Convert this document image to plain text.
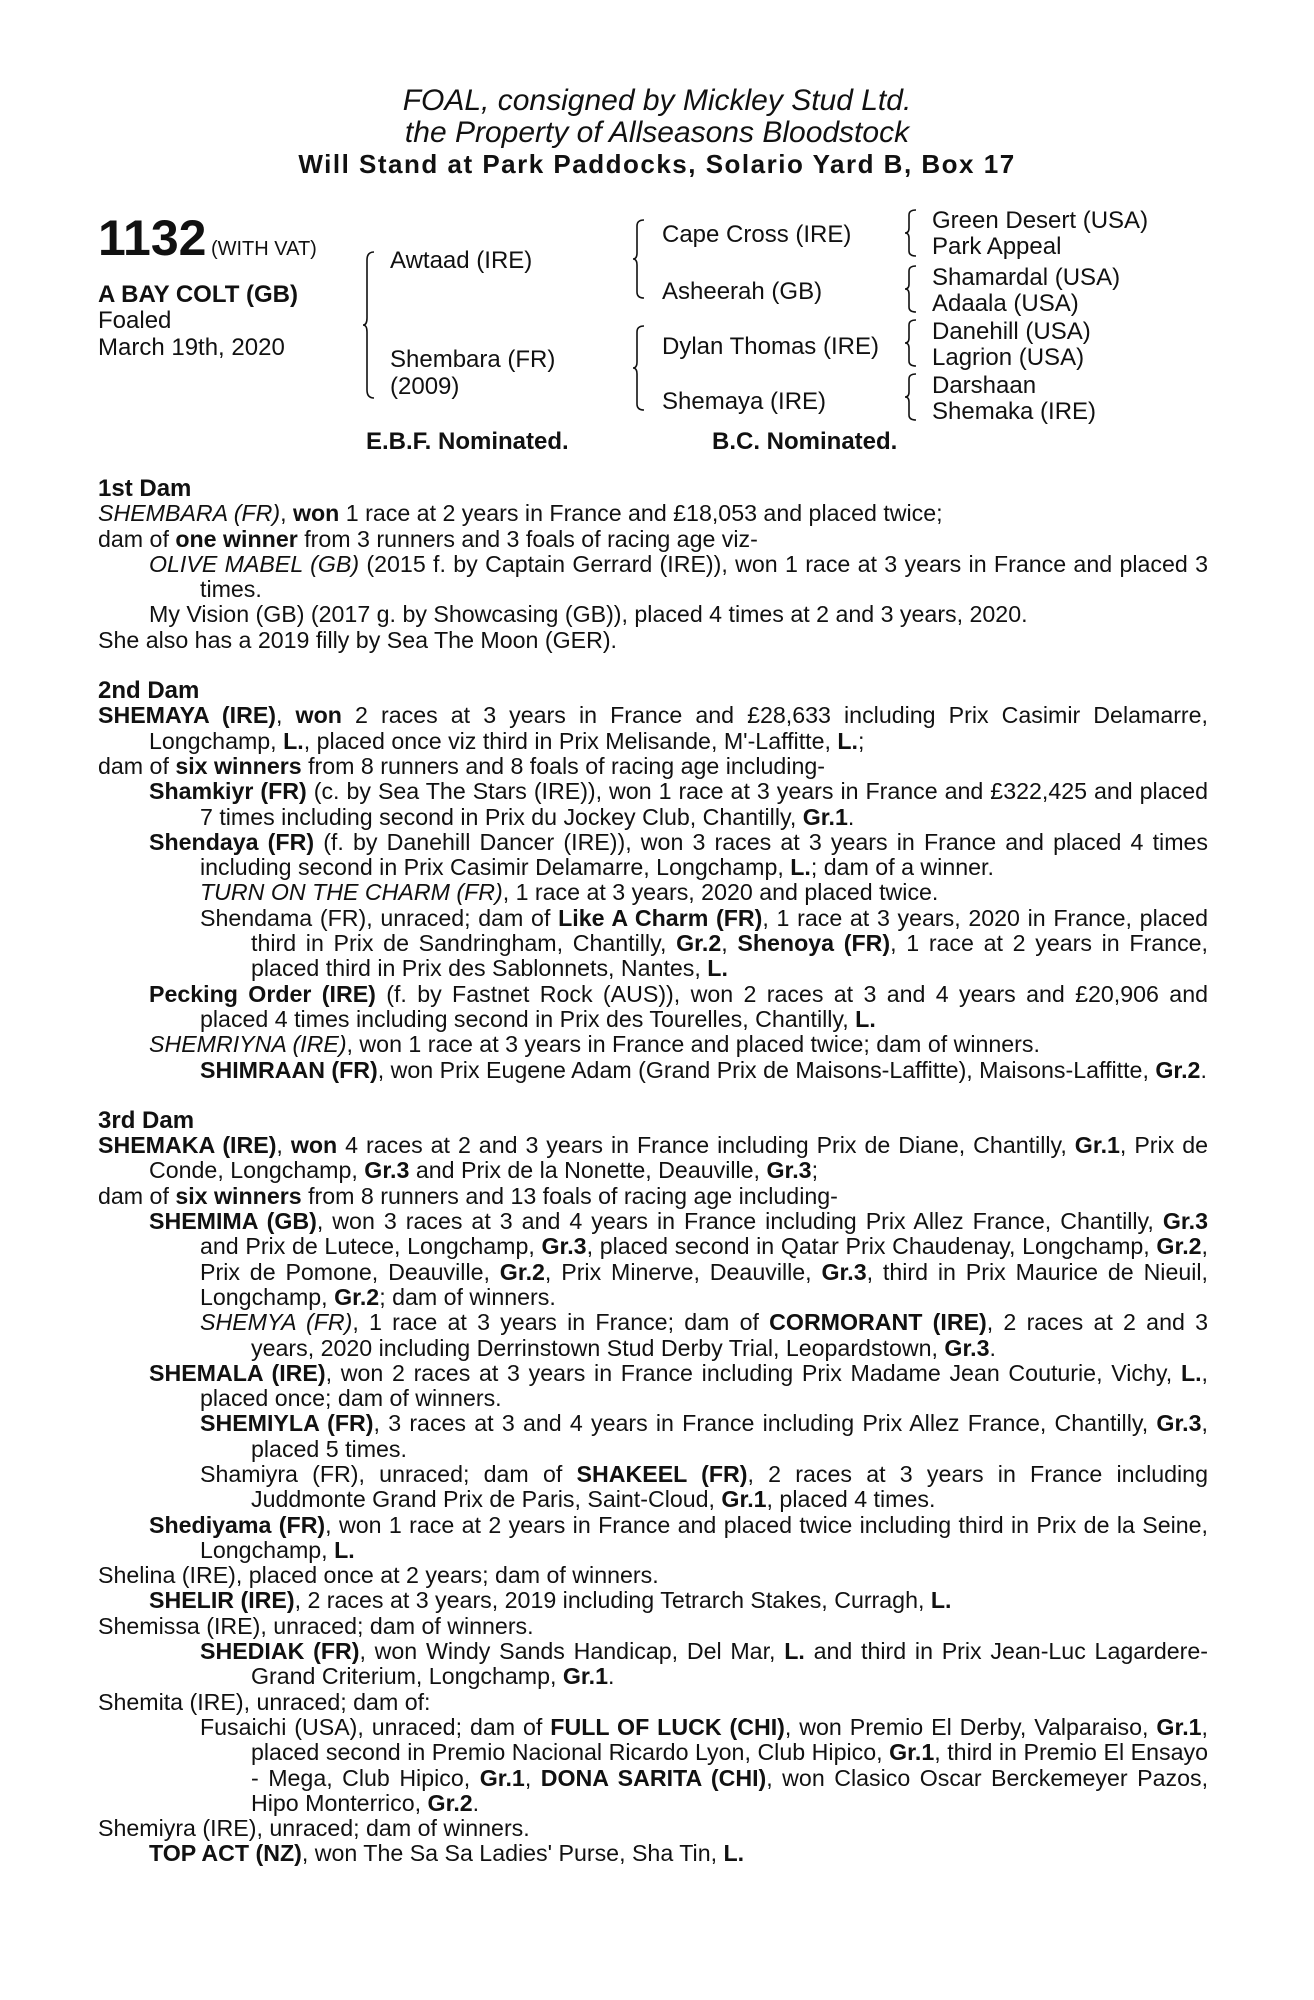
FOAL, consigned by Mickley Stud Ltd.
the Property of Allseasons Bloodstock
Will Stand at Park Paddocks, Solario Yard B, Box 17
1132 (WITH VAT)
A BAY COLT (GB)
Foaled
March 19th, 2020
Awtaad (IRE)
Shembara (FR)
(2009)
Cape Cross (IRE)
Asheerah (GB)
Dylan Thomas (IRE)
Shemaya (IRE)
Green Desert (USA)
Park Appeal
Shamardal (USA)
Adaala (USA)
Danehill (USA)
Lagrion (USA)
Darshaan
Shemaka (IRE)
E.B.F. Nominated.	B.C. Nominated.
1st Dam
SHEMBARA (FR), won 1 race at 2 years in France and £18,053 and placed twice;
dam of one winner from 3 runners and 3 foals of racing age viz-
OLIVE MABEL (GB) (2015 f. by Captain Gerrard (IRE)), won 1 race at 3 years in France and placed 3 times.
My Vision (GB) (2017 g. by Showcasing (GB)), placed 4 times at 2 and 3 years, 2020.
She also has a 2019 filly by Sea The Moon (GER).
2nd Dam
SHEMAYA (IRE), won 2 races at 3 years in France and £28,633 including Prix Casimir Delamarre, Longchamp, L., placed once viz third in Prix Melisande, M'-Laffitte, L.;
dam of six winners from 8 runners and 8 foals of racing age including-
Shamkiyr (FR) (c. by Sea The Stars (IRE)), won 1 race at 3 years in France and £322,425 and placed 7 times including second in Prix du Jockey Club, Chantilly, Gr.1.
Shendaya (FR) (f. by Danehill Dancer (IRE)), won 3 races at 3 years in France and placed 4 times including second in Prix Casimir Delamarre, Longchamp, L.; dam of a winner.
TURN ON THE CHARM (FR), 1 race at 3 years, 2020 and placed twice.
Shendama (FR), unraced; dam of Like A Charm (FR), 1 race at 3 years, 2020 in France, placed third in Prix de Sandringham, Chantilly, Gr.2, Shenoya (FR), 1 race at 2 years in France, placed third in Prix des Sablonnets, Nantes, L.
Pecking Order (IRE) (f. by Fastnet Rock (AUS)), won 2 races at 3 and 4 years and £20,906 and placed 4 times including second in Prix des Tourelles, Chantilly, L.
SHEMRIYNA (IRE), won 1 race at 3 years in France and placed twice; dam of winners.
SHIMRAAN (FR), won Prix Eugene Adam (Grand Prix de Maisons-Laffitte), Maisons-Laffitte, Gr.2.
3rd Dam
SHEMAKA (IRE), won 4 races at 2 and 3 years in France including Prix de Diane, Chantilly, Gr.1, Prix de Conde, Longchamp, Gr.3 and Prix de la Nonette, Deauville, Gr.3;
dam of six winners from 8 runners and 13 foals of racing age including-
SHEMIMA (GB), won 3 races at 3 and 4 years in France including Prix Allez France, Chantilly, Gr.3 and Prix de Lutece, Longchamp, Gr.3, placed second in Qatar Prix Chaudenay, Longchamp, Gr.2, Prix de Pomone, Deauville, Gr.2, Prix Minerve, Deauville, Gr.3, third in Prix Maurice de Nieuil, Longchamp, Gr.2; dam of winners.
SHEMYA (FR), 1 race at 3 years in France; dam of CORMORANT (IRE), 2 races at 2 and 3 years, 2020 including Derrinstown Stud Derby Trial, Leopardstown, Gr.3.
SHEMALA (IRE), won 2 races at 3 years in France including Prix Madame Jean Couturie, Vichy, L., placed once; dam of winners.
SHEMIYLA (FR), 3 races at 3 and 4 years in France including Prix Allez France, Chantilly, Gr.3, placed 5 times.
Shamiyra (FR), unraced; dam of SHAKEEL (FR), 2 races at 3 years in France including Juddmonte Grand Prix de Paris, Saint-Cloud, Gr.1, placed 4 times.
Shediyama (FR), won 1 race at 2 years in France and placed twice including third in Prix de la Seine, Longchamp, L.
Shelina (IRE), placed once at 2 years; dam of winners.
SHELIR (IRE), 2 races at 3 years, 2019 including Tetrarch Stakes, Curragh, L.
Shemissa (IRE), unraced; dam of winners.
SHEDIAK (FR), won Windy Sands Handicap, Del Mar, L. and third in Prix Jean-Luc Lagardere-Grand Criterium, Longchamp, Gr.1.
Shemita (IRE), unraced; dam of:
Fusaichi (USA), unraced; dam of FULL OF LUCK (CHI), won Premio El Derby, Valparaiso, Gr.1, placed second in Premio Nacional Ricardo Lyon, Club Hipico, Gr.1, third in Premio El Ensayo - Mega, Club Hipico, Gr.1, DONA SARITA (CHI), won Clasico Oscar Berckemeyer Pazos, Hipo Monterrico, Gr.2.
Shemiyra (IRE), unraced; dam of winners.
TOP ACT (NZ), won The Sa Sa Ladies' Purse, Sha Tin, L.
